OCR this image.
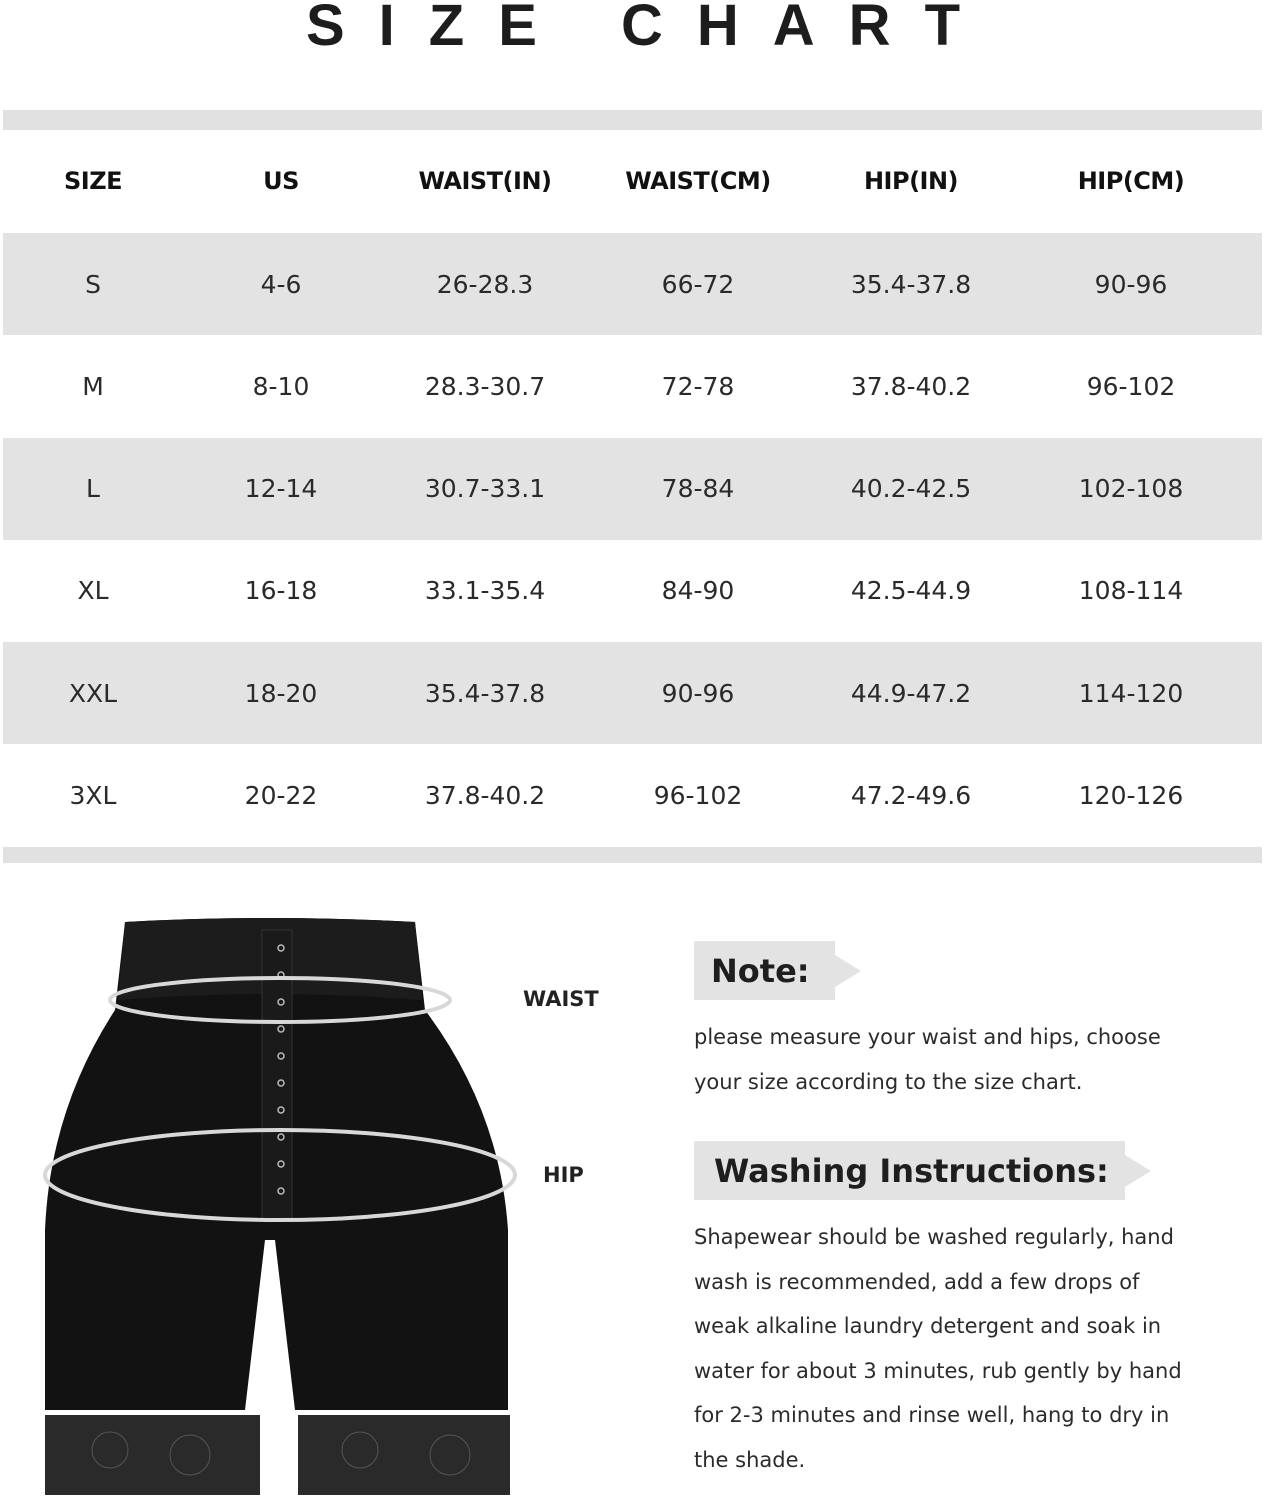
SIZE CHART
SIZE	US	WAIST(IN)	WAIST(CM)	HIP(IN)	HIP(CM)
S	4-6	26-28.3	66-72	35.4-37.8	90-96
M	8-10	28.3-30.7	72-78	37.8-40.2	96-102
L	12-14	30.7-33.1	78-84	40.2-42.5	102-108
XL	16-18	33.1-35.4	84-90	42.5-44.9	108-114
XXL	18-20	35.4-37.8	90-96	44.9-47.2	114-120
3XL	20-22	37.8-40.2	96-102	47.2-49.6	120-126
WAIST
HIP
Note:
please measure your waist and hips, choose
your size according to the size chart.
Washing Instructions:
Shapewear should be washed regularly, hand
wash is recommended, add a few drops of
weak alkaline laundry detergent and soak in
water for about 3 minutes, rub gently by hand
for 2-3 minutes and rinse well, hang to dry in
the shade.
